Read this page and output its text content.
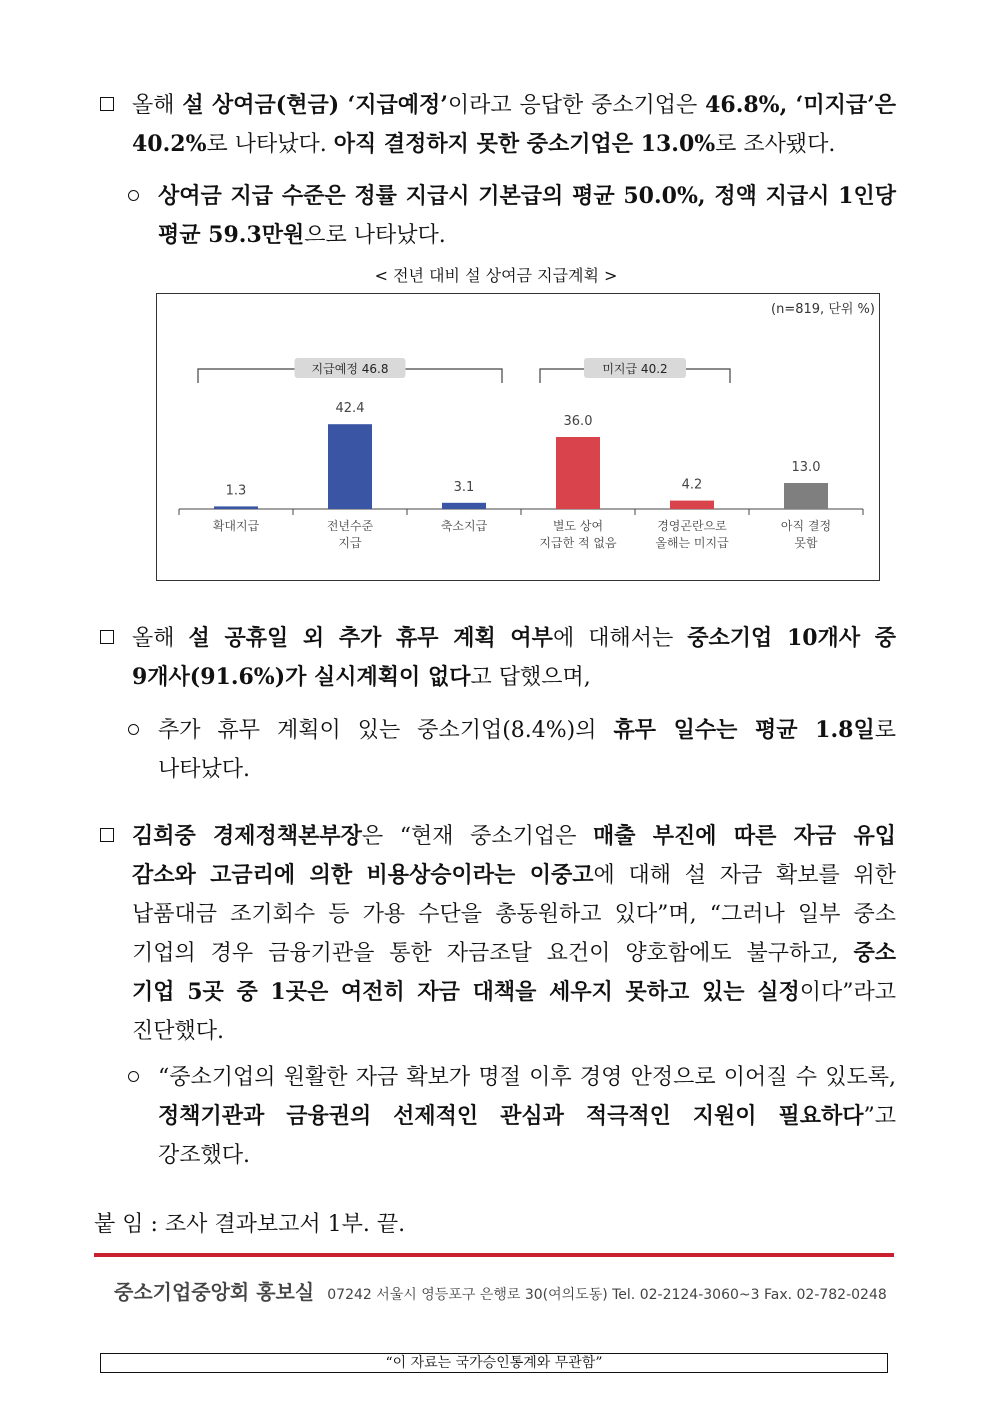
올해 설 상여금(현금) ‘지급예정’이라고 응답한 중소기업은 46.8%, ‘미지급’은
40.2%로 나타났다. 아직 결정하지 못한 중소기업은 13.0%로 조사됐다.
상여금 지급 수준은 정률 지급시 기본급의 평균 50.0%, 정액 지급시 1인당
평균 59.3만원으로 나타났다.
< 전년 대비 설 상여금 지급계획 >
(n=819, 단위 %)
1.3
확대지급
42.4
전년수준
지급
3.1
축소지급
36.0
별도 상여
지급한 적 없음
4.2
경영곤란으로
올해는 미지급
13.0
아직 결정
못함
지급예정 46.8	미지급 40.2
올해 설 공휴일 외 추가 휴무 계획 여부에 대해서는 중소기업 10개사 중
9개사(91.6%)가 실시계획이 없다고 답했으며,
추가 휴무 계획이 있는 중소기업(8.4%)의 휴무 일수는 평균 1.8일로
나타났다.
김희중 경제정책본부장은 “현재 중소기업은 매출 부진에 따른 자금 유입
감소와 고금리에 의한 비용상승이라는 이중고에 대해 설 자금 확보를 위한
납품대금 조기회수 등 가용 수단을 총동원하고 있다”며, “그러나 일부 중소
기업의 경우 금융기관을 통한 자금조달 요건이 양호함에도 불구하고, 중소
기업 5곳 중 1곳은 여전히 자금 대책을 세우지 못하고 있는 실정이다”라고
진단했다.
“중소기업의 원활한 자금 확보가 명절 이후 경영 안정으로 이어질 수 있도록,
정책기관과 금융권의 선제적인 관심과 적극적인 지원이 필요하다”고
강조했다.
붙 임 : 조사 결과보고서 1부. 끝.
중소기업중앙회 홍보실 07242 서울시 영등포구 은행로 30(여의도동) Tel. 02-2124-3060~3 Fax. 02-782-0248
“이 자료는 국가승인통계와 무관함”
